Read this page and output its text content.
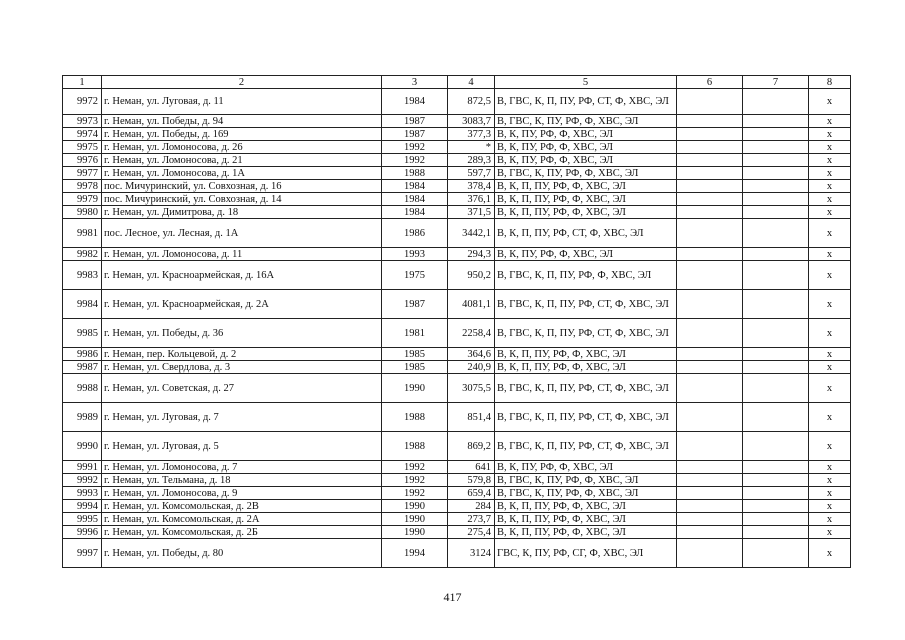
1	2	3	4	5	6	7	8
9972	г. Неман, ул. Луговая, д. 11	1984	872,5	В, ГВС, К, П, ПУ, РФ, СТ, Ф, ХВС, ЭЛ			х
9973	г. Неман, ул. Победы, д. 94	1987	3083,7	В, ГВС, К, ПУ, РФ, Ф, ХВС, ЭЛ			х
9974	г. Неман, ул. Победы, д. 169	1987	377,3	В, К, ПУ, РФ, Ф, ХВС, ЭЛ			х
9975	г. Неман, ул. Ломоносова, д. 26	1992	*	В, К, ПУ, РФ, Ф, ХВС, ЭЛ			х
9976	г. Неман, ул. Ломоносова, д. 21	1992	289,3	В, К, ПУ, РФ, Ф, ХВС, ЭЛ			х
9977	г. Неман, ул. Ломоносова, д. 1А	1988	597,7	В, ГВС, К, ПУ, РФ, Ф, ХВС, ЭЛ			х
9978	пос. Мичуринский, ул. Совхозная, д. 16	1984	378,4	В, К, П, ПУ, РФ, Ф, ХВС, ЭЛ			х
9979	пос. Мичуринский, ул. Совхозная, д. 14	1984	376,1	В, К, П, ПУ, РФ, Ф, ХВС, ЭЛ			х
9980	г. Неман, ул. Димитрова, д. 18	1984	371,5	В, К, П, ПУ, РФ, Ф, ХВС, ЭЛ			х
9981	пос. Лесное, ул. Лесная, д. 1А	1986	3442,1	В, К, П, ПУ, РФ, СТ, Ф, ХВС, ЭЛ			х
9982	г. Неман, ул. Ломоносова, д. 11	1993	294,3	В, К, ПУ, РФ, Ф, ХВС, ЭЛ			х
9983	г. Неман, ул. Красноармейская, д. 16А	1975	950,2	В, ГВС, К, П, ПУ, РФ, Ф, ХВС, ЭЛ			х
9984	г. Неман, ул. Красноармейская, д. 2А	1987	4081,1	В, ГВС, К, П, ПУ, РФ, СТ, Ф, ХВС, ЭЛ			х
9985	г. Неман, ул. Победы, д. 36	1981	2258,4	В, ГВС, К, П, ПУ, РФ, СТ, Ф, ХВС, ЭЛ			х
9986	г. Неман, пер. Кольцевой, д. 2	1985	364,6	В, К, П, ПУ, РФ, Ф, ХВС, ЭЛ			х
9987	г. Неман, ул. Свердлова, д. 3	1985	240,9	В, К, П, ПУ, РФ, Ф, ХВС, ЭЛ			х
9988	г. Неман, ул. Советская, д. 27	1990	3075,5	В, ГВС, К, П, ПУ, РФ, СТ, Ф, ХВС, ЭЛ			х
9989	г. Неман, ул. Луговая, д. 7	1988	851,4	В, ГВС, К, П, ПУ, РФ, СТ, Ф, ХВС, ЭЛ			х
9990	г. Неман, ул. Луговая, д. 5	1988	869,2	В, ГВС, К, П, ПУ, РФ, СТ, Ф, ХВС, ЭЛ			х
9991	г. Неман, ул. Ломоносова, д. 7	1992	641	В, К, ПУ, РФ, Ф, ХВС, ЭЛ			х
9992	г. Неман, ул. Тельмана, д. 18	1992	579,8	В, ГВС, К, ПУ, РФ, Ф, ХВС, ЭЛ			х
9993	г. Неман, ул. Ломоносова, д. 9	1992	659,4	В, ГВС, К, ПУ, РФ, Ф, ХВС, ЭЛ			х
9994	г. Неман, ул. Комсомольская, д. 2В	1990	284	В, К, П, ПУ, РФ, Ф, ХВС, ЭЛ			х
9995	г. Неман, ул. Комсомольская, д. 2А	1990	273,7	В, К, П, ПУ, РФ, Ф, ХВС, ЭЛ			х
9996	г. Неман, ул. Комсомольская, д. 2Б	1990	275,4	В, К, П, ПУ, РФ, Ф, ХВС, ЭЛ			х
9997	г. Неман, ул. Победы, д. 80	1994	3124	ГВС, К, ПУ, РФ, СГ, Ф, ХВС, ЭЛ			х
417
